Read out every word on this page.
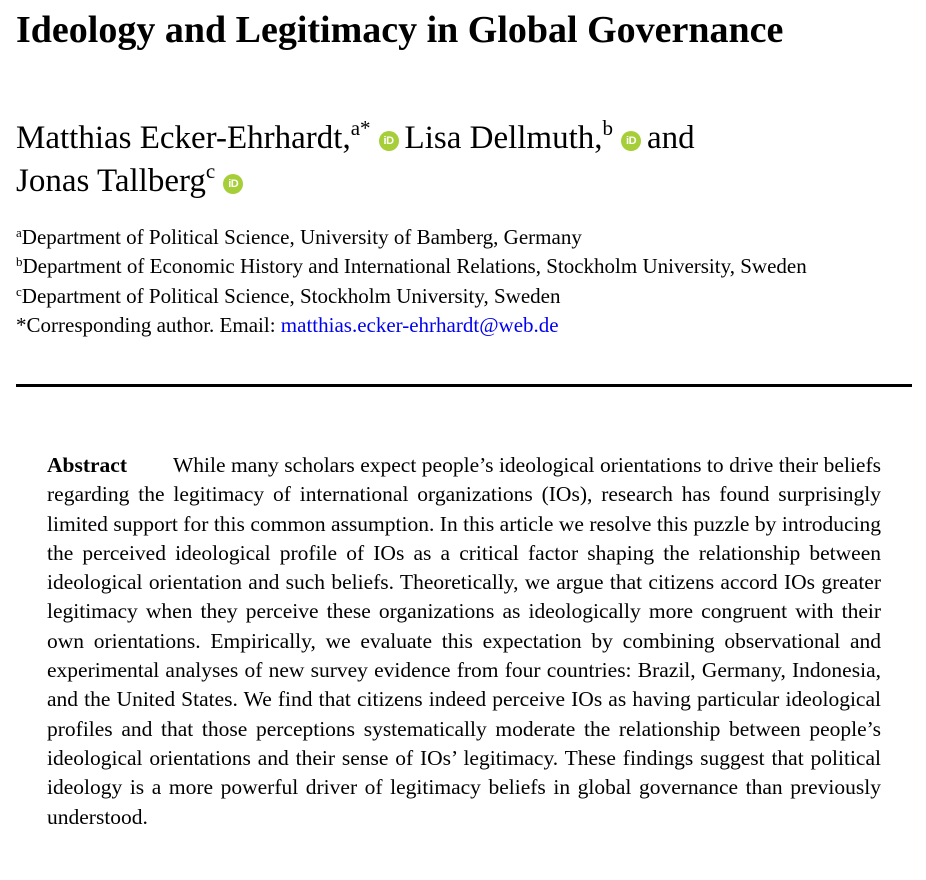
Ideology and Legitimacy in Global Governance

Matthias Ecker-Ehrhardt,$^{a*}$iD Lisa Dellmuth,$^b$iD and
Jonas Tallberg$^c$iD

$^a$Department of Political Science, University of Bamberg, Germany
$^b$Department of Economic History and International Relations, Stockholm University, Sweden
$^c$Department of Political Science, Stockholm University, Sweden
*Corresponding author. Email: matthias.ecker-ehrhardt@web.de

Abstract While many scholars expect people’s ideological orientations to drive their beliefs regarding the legitimacy of international organizations (IOs), research has found surprisingly limited support for this common assumption. In this article we resolve this puzzle by introducing the perceived ideological profile of IOs as a critical factor shaping the relationship between ideological orientation and such beliefs. Theoretically, we argue that citizens accord IOs greater legitimacy when they perceive these organizations as ideologically more congruent with their own orientations. Empirically, we evaluate this expectation by combining observational and experimental analyses of new survey evidence from four countries: Brazil, Germany, Indonesia, and the United States. We find that citizens indeed perceive IOs as having particular ideological profiles and that those perceptions systematically moderate the relationship between people’s ideological orientations and their sense of IOs’ legitimacy. These findings suggest that political ideology is a more powerful driver of legitimacy beliefs in global governance than previously understood.
